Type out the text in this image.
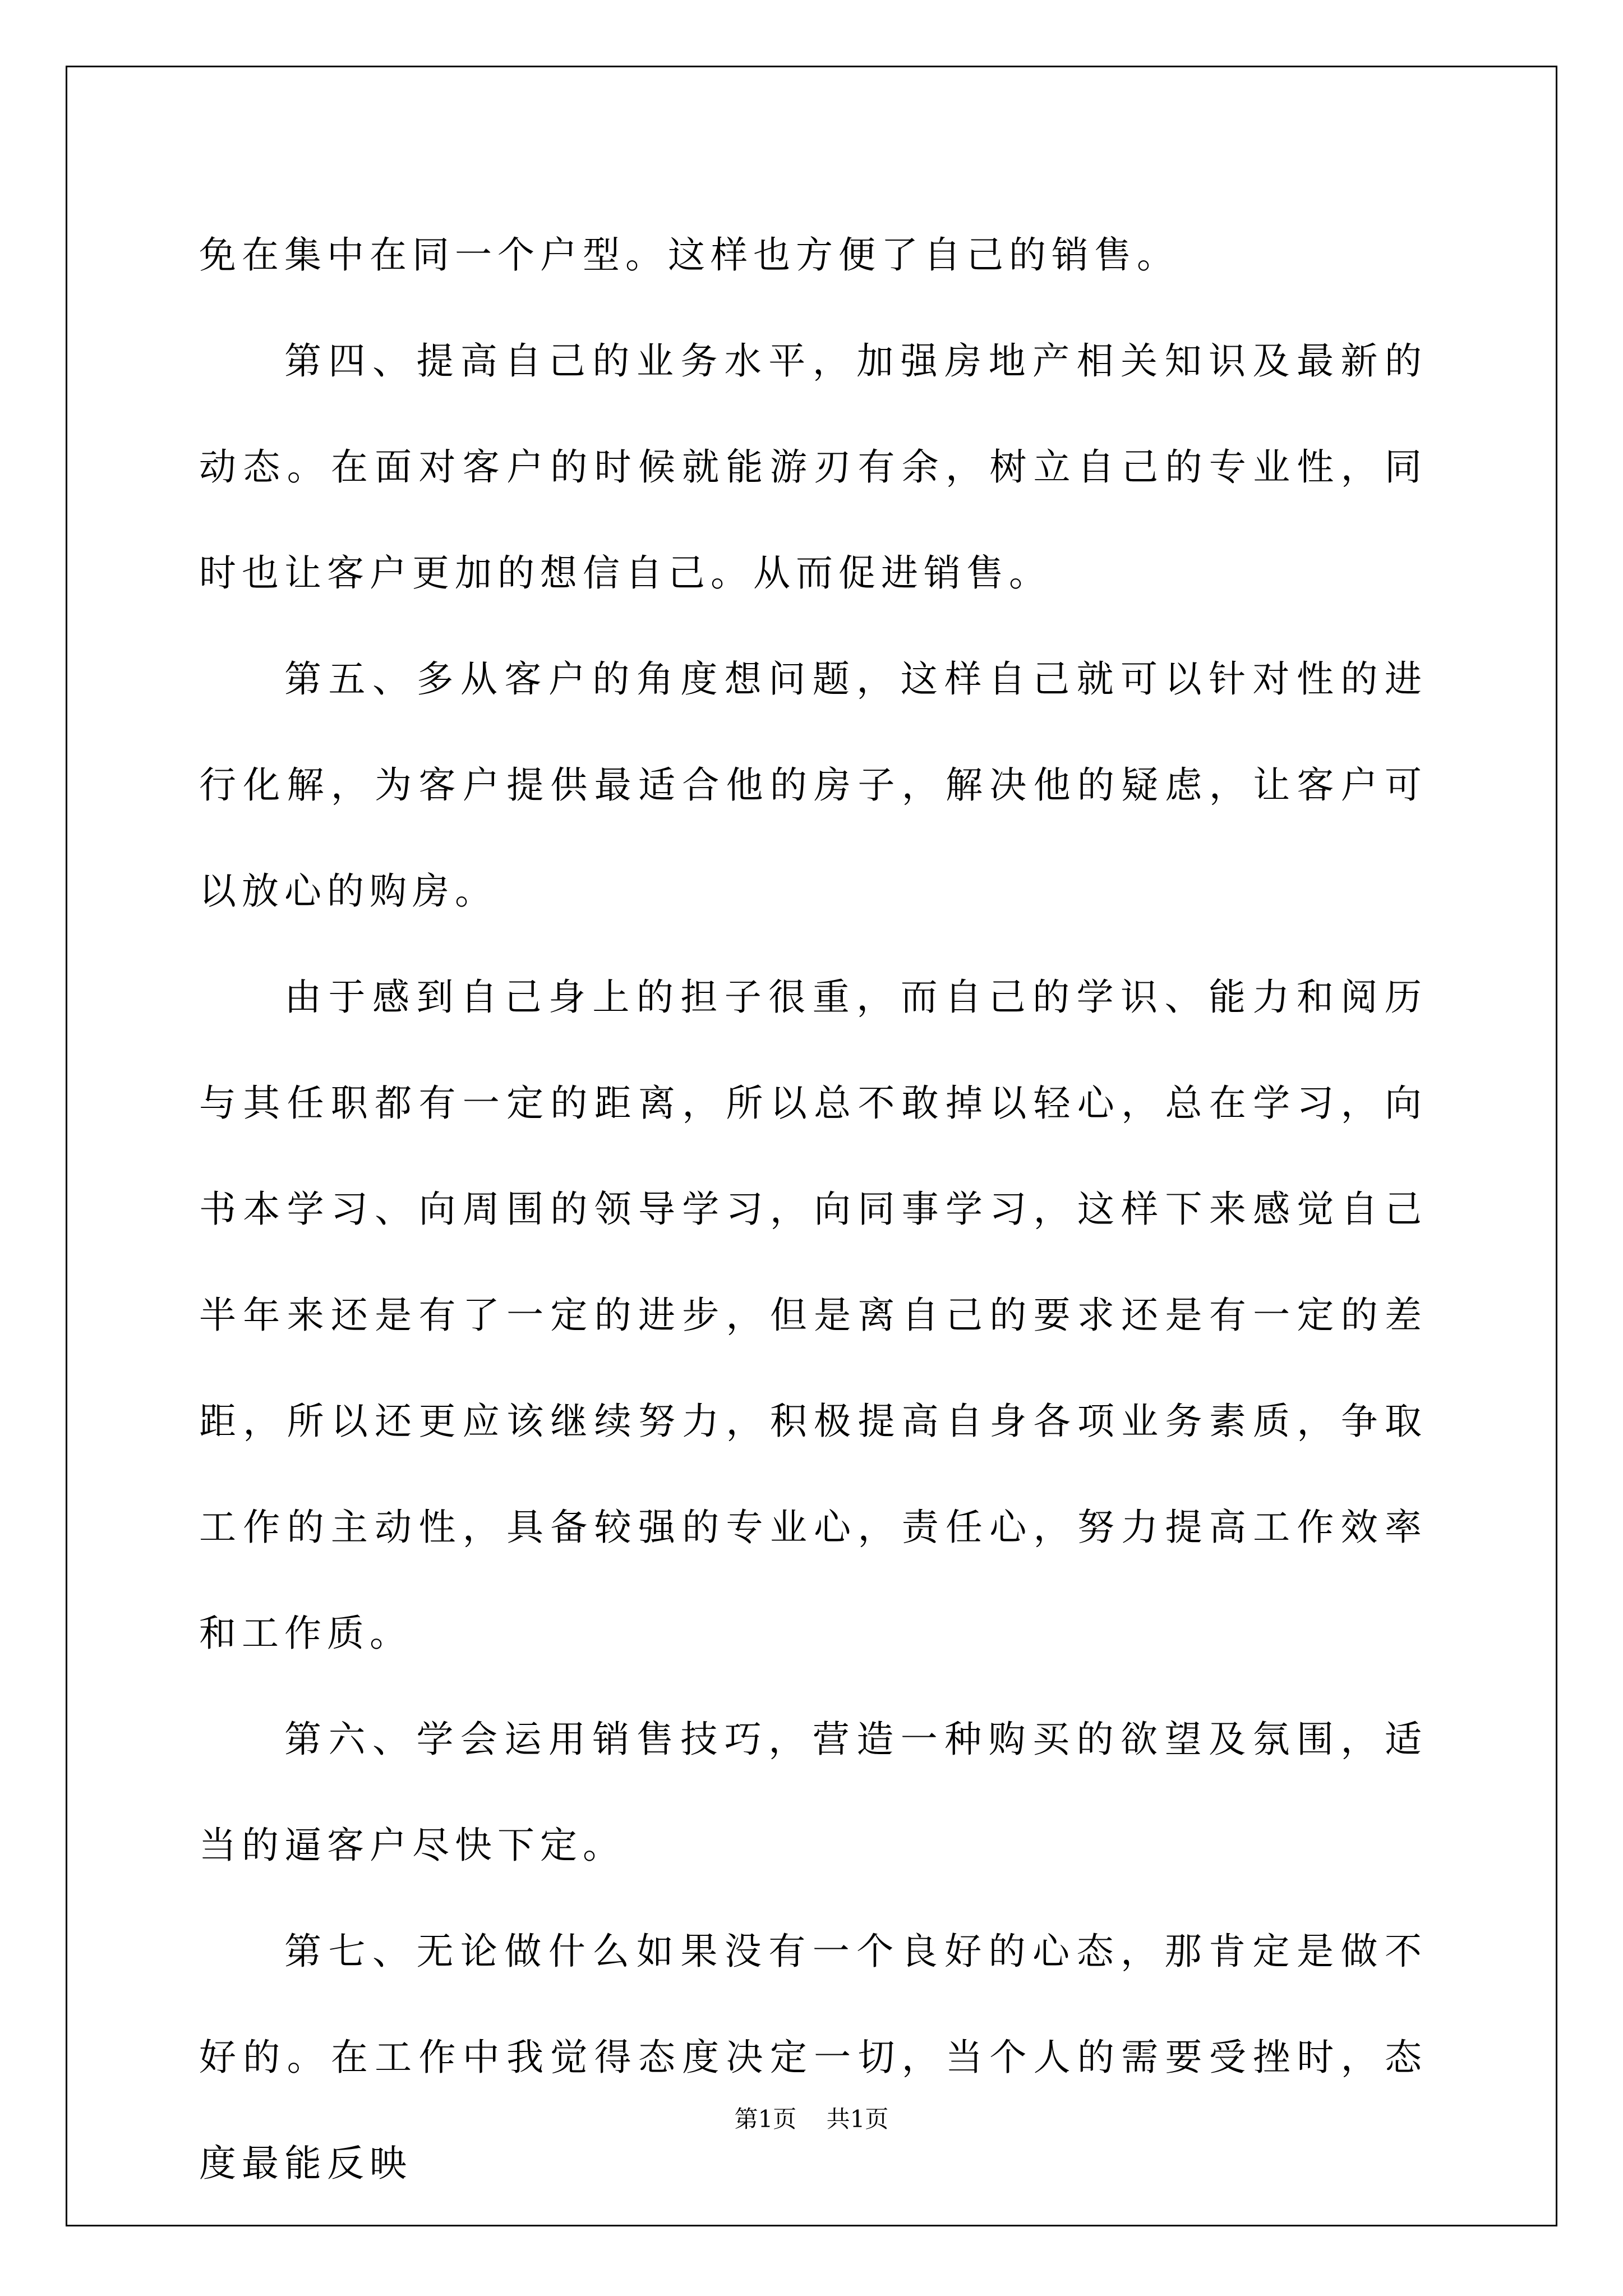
免在集中在同一个户型。这样也方便了自己的销售。

第四、提高自己的业务水平，加强房地产相关知识及最新的动态。在面对客户的时候就能游刃有余，树立自己的专业性，同时也让客户更加的想信自己。从而促进销售。

第五、多从客户的角度想问题，这样自己就可以针对性的进行化解，为客户提供最适合他的房子，解决他的疑虑，让客户可以放心的购房。

由于感到自己身上的担子很重，而自己的学识、能力和阅历与其任职都有一定的距离，所以总不敢掉以轻心，总在学习，向书本学习、向周围的领导学习，向同事学习，这样下来感觉自己半年来还是有了一定的进步，但是离自己的要求还是有一定的差距，所以还更应该继续努力，积极提高自身各项业务素质，争取工作的主动性，具备较强的专业心，责任心，努力提高工作效率和工作质。

第六、学会运用销售技巧，营造一种购买的欲望及氛围，适当的逼客户尽快下定。

第七、无论做什么如果没有一个良好的心态，那肯定是做不好的。在工作中我觉得态度决定一切，当个人的需要受挫时，态度最能反映

第1页 共1页
